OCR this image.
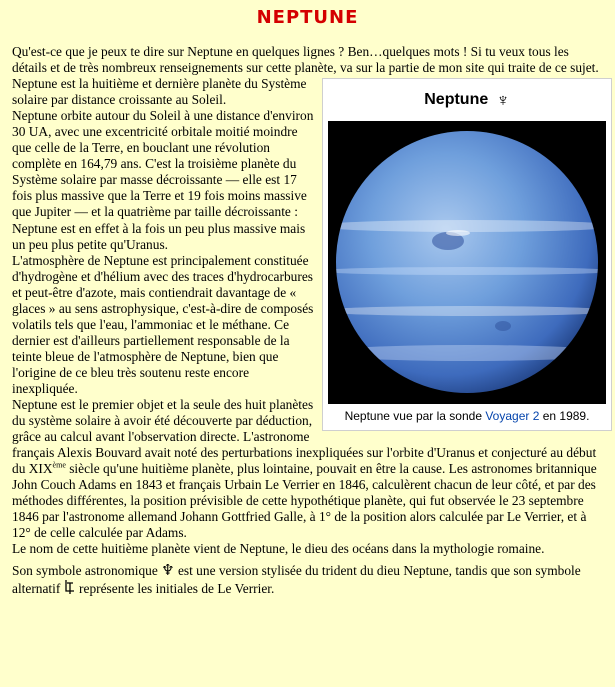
NEPTUNE

Qu'est-ce que je peux te dire sur Neptune en quelques lignes ? Ben…quelques mots ! Si tu veux tous les détails et de très nombreux renseignements sur cette planète, va sur la partie de mon site qui traite de ce sujet.

Neptune ♆
Neptune vue par la sonde Voyager 2 en 1989.

Neptune est la huitième et dernière planète du Système solaire par distance croissante au Soleil.

Neptune orbite autour du Soleil à une distance d'environ 30 UA, avec une excentricité orbitale moitié moindre que celle de la Terre, en bouclant une révolution complète en 164,79 ans. C'est la troisième planète du Système solaire par masse décroissante — elle est 17 fois plus massive que la Terre et 19 fois moins massive que Jupiter — et la quatrième par taille décroissante : Neptune est en effet à la fois un peu plus massive mais un peu plus petite qu'Uranus.

L'atmosphère de Neptune est principalement constituée d'hydrogène et d'hélium avec des traces d'hydrocarbures et peut-être d'azote, mais contiendrait davantage de « glaces » au sens astrophysique, c'est-à-dire de composés volatils tels que l'eau, l'ammoniac et le méthane. Ce dernier est d'ailleurs partiellement responsable de la teinte bleue de l'atmosphère de Neptune, bien que l'origine de ce bleu très soutenu reste encore inexpliquée.

Neptune est le premier objet et la seule des huit planètes du système solaire à avoir été découverte par déduction, grâce au calcul avant l'observation directe. L'astronome français Alexis Bouvard avait noté des perturbations inexpliquées sur l'orbite d'Uranus et conjecturé au début du XIXème siècle qu'une huitième planète, plus lointaine, pouvait en être la cause. Les astronomes britannique John Couch Adams en 1843 et français Urbain Le Verrier en 1846, calculèrent chacun de leur côté, et par des méthodes différentes, la position prévisible de cette hypothétique planète, qui fut observée le 23 septembre 1846 par l'astronome allemand Johann Gottfried Galle, à 1° de la position alors calculée par Le Verrier, et à 12° de celle calculée par Adams.

Le nom de cette huitième planète vient de Neptune, le dieu des océans dans la mythologie romaine.

Son symbole astronomique ♆ est une version stylisée du trident du dieu Neptune, tandis que son symbole alternatif  représente les initiales de Le Verrier.
